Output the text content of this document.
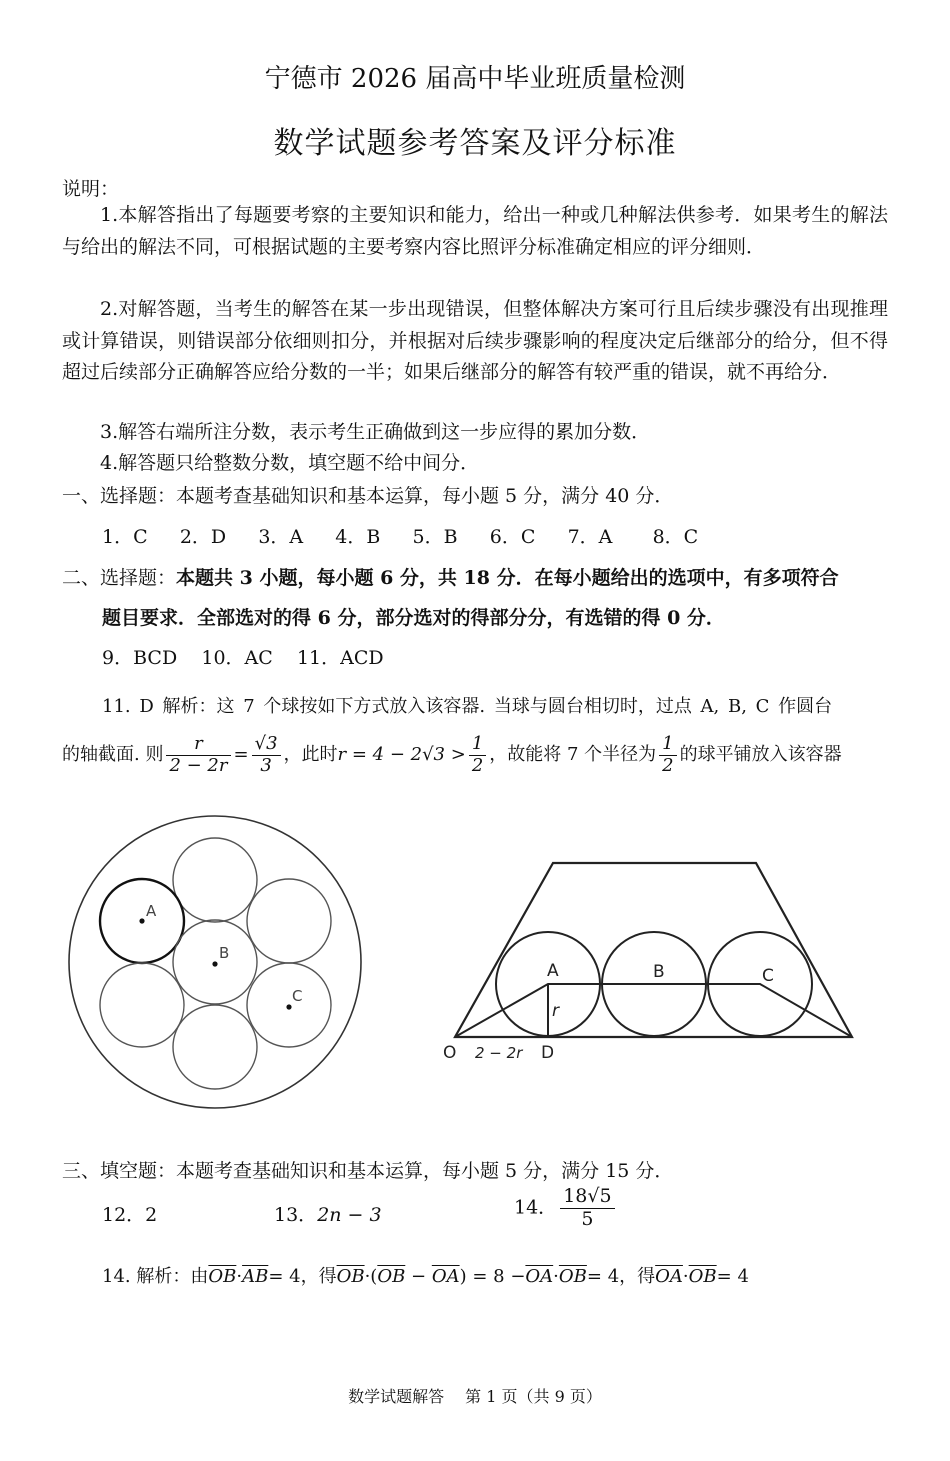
宁德市 2026 届高中毕业班质量检测
数学试题参考答案及评分标准
说明：
1.本解答指出了每题要考察的主要知识和能力，给出一种或几种解法供参考．如果考生的解法与给出的解法不同，可根据试题的主要考察内容比照评分标准确定相应的评分细则．
2.对解答题，当考生的解答在某一步出现错误，但整体解决方案可行且后续步骤没有出现推理或计算错误，则错误部分依细则扣分，并根据对后续步骤影响的程度决定后继部分的给分，但不得超过后续部分正确解答应给分数的一半；如果后继部分的解答有较严重的错误，就不再给分．
3.解答右端所注分数，表示考生正确做到这一步应得的累加分数．
4.解答题只给整数分数，填空题不给中间分．
一、选择题：本题考查基础知识和基本运算，每小题 5 分，满分 40 分．
1．C 2．D 3．A 4．B 5．B 6．C 7．A 8．C
二、选择题：本题共 3 小题，每小题 6 分，共 18 分．在每小题给出的选项中，有多项符合
题目要求．全部选对的得 6 分，部分选对的得部分分，有选错的得 0 分．
9．BCD 10．AC 11．ACD
11. D 解析：这 7 个球按如下方式放入该容器. 当球与圆台相切时，过点 A, B, C 作圆台
的轴截面. 则 $\frac{r}{2 - 2r} = \frac{√3}{3}$ ，此时$r = 4 - 2√3 > \frac{1}{2}$ ，故能将 7 个半径为 $\frac{1}{2}$ 的球平铺放入该容器
A
B
C
A	B	C
r
O 2 − 2r D
三、填空题：本题考查基础知识和基本运算，每小题 5 分，满分 15 分．
12．2	13．2n − 3	14． $\frac{18√5}{5}$
14. 解析：由$\overline{OB}\cdot\overline{AB}= 4$，得$\overline{OB}\cdot(\overline{OB} - \overline{OA}) = 8 -\overline{OA}\cdot\overline{OB}= 4$，得$\overline{OA}\cdot\overline{OB}= 4$
数学试题解答　 第 1 页（共 9 页）
